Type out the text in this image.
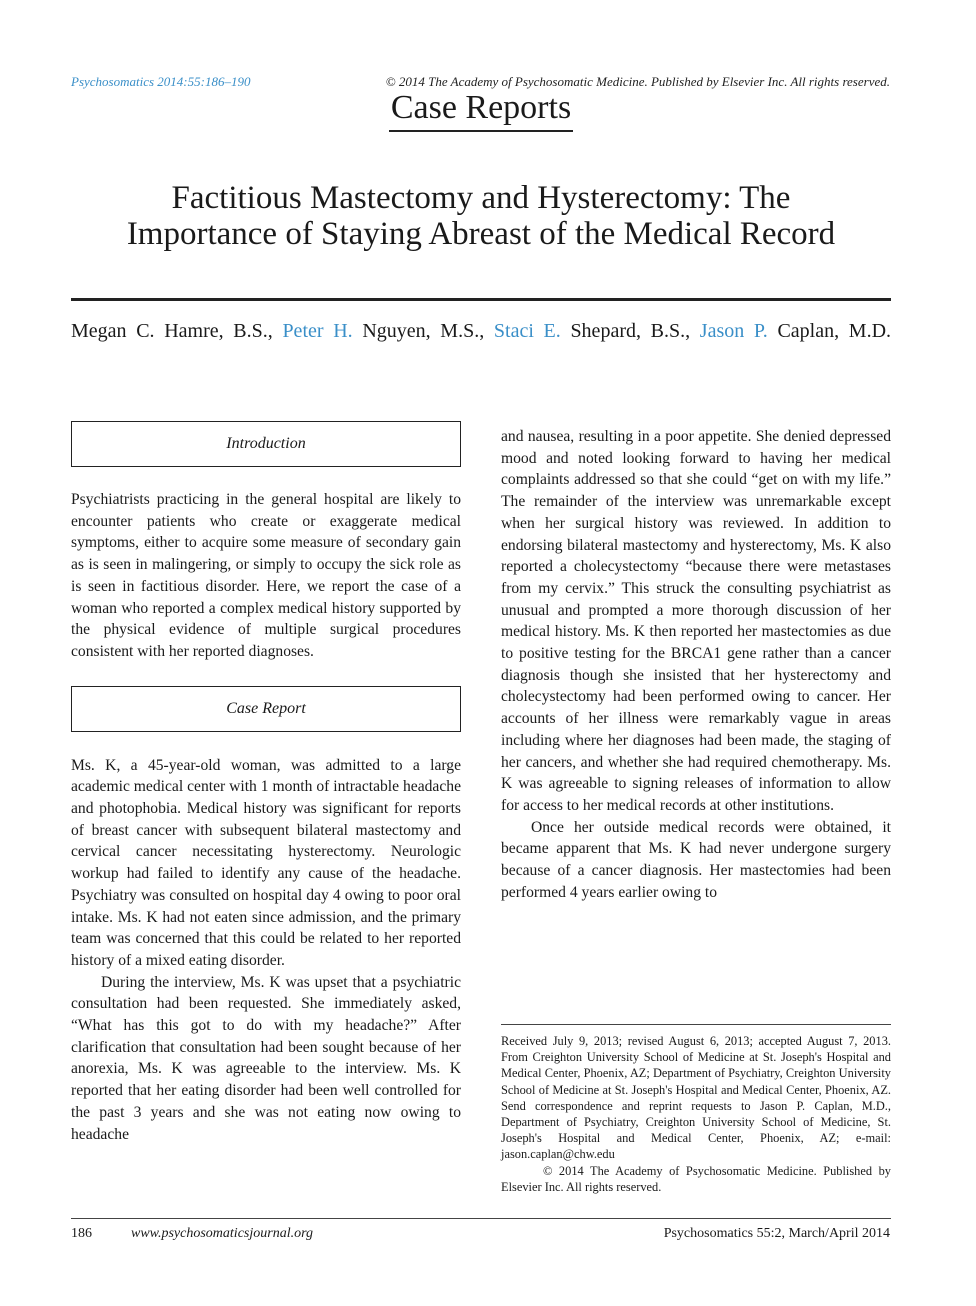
Psychosomatics 2014:55:186–190	© 2014 The Academy of Psychosomatic Medicine. Published by Elsevier Inc. All rights reserved.
Case Reports
Factitious Mastectomy and Hysterectomy: The
Importance of Staying Abreast of the Medical Record
Megan C. Hamre, B.S., Peter H. Nguyen, M.S., Staci E. Shepard, B.S., Jason P. Caplan, M.D.
Introduction

Psychiatrists practicing in the general hospital are likely to encounter patients who create or exaggerate medical symptoms, either to acquire some measure of secondary gain as is seen in malingering, or simply to occupy the sick role as is seen in factitious disorder. Here, we report the case of a woman who reported a complex medical history supported by the physical evidence of multiple surgical procedures consistent with her reported diagnoses.

Case Report

Ms. K, a 45-year-old woman, was admitted to a large academic medical center with 1 month of intractable headache and photophobia. Medical history was significant for reports of breast cancer with subsequent bilateral mastectomy and cervical cancer necessitating hysterectomy. Neurologic workup had failed to identify any cause of the headache. Psychiatry was consulted on hospital day 4 owing to poor oral intake. Ms. K had not eaten since admission, and the primary team was concerned that this could be related to her reported history of a mixed eating disorder.

During the interview, Ms. K was upset that a psychiatric consultation had been requested. She immediately asked, “What has this got to do with my headache?” After clarification that consultation had been sought because of her anorexia, Ms. K was agreeable to the interview. Ms. K reported that her eating disorder had been well controlled for the past 3 years and she was not eating now owing to headache

and nausea, resulting in a poor appetite. She denied depressed mood and noted looking forward to having her medical complaints addressed so that she could “get on with my life.” The remainder of the interview was unremarkable except when her surgical history was reviewed. In addition to endorsing bilateral mastectomy and hysterectomy, Ms. K also reported a cholecystectomy “because there were metastases from my cervix.” This struck the consulting psychiatrist as unusual and prompted a more thorough discussion of her medical history. Ms. K then reported her mastectomies as due to positive testing for the BRCA1 gene rather than a cancer diagnosis though she insisted that her hysterectomy and cholecystectomy had been performed owing to cancer. Her accounts of her illness were remarkably vague in areas including where her diagnoses had been made, the staging of her cancers, and whether she had required chemotherapy. Ms. K was agreeable to signing releases of information to allow for access to her medical records at other institutions.

Once her outside medical records were obtained, it became apparent that Ms. K had never undergone surgery because of a cancer diagnosis. Her mastectomies had been performed 4 years earlier owing to

Received July 9, 2013; revised August 6, 2013; accepted August 7, 2013. From Creighton University School of Medicine at St. Joseph's Hospital and Medical Center, Phoenix, AZ; Department of Psychiatry, Creighton University School of Medicine at St. Joseph's Hospital and Medical Center, Phoenix, AZ. Send correspondence and reprint requests to Jason P. Caplan, M.D., Department of Psychiatry, Creighton University School of Medicine, St. Joseph's Hospital and Medical Center, Phoenix, AZ; e-mail: jason.caplan@chw.edu

© 2014 The Academy of Psychosomatic Medicine. Published by Elsevier Inc. All rights reserved.

186	www.psychosomaticsjournal.org	Psychosomatics 55:2, March/April 2014
